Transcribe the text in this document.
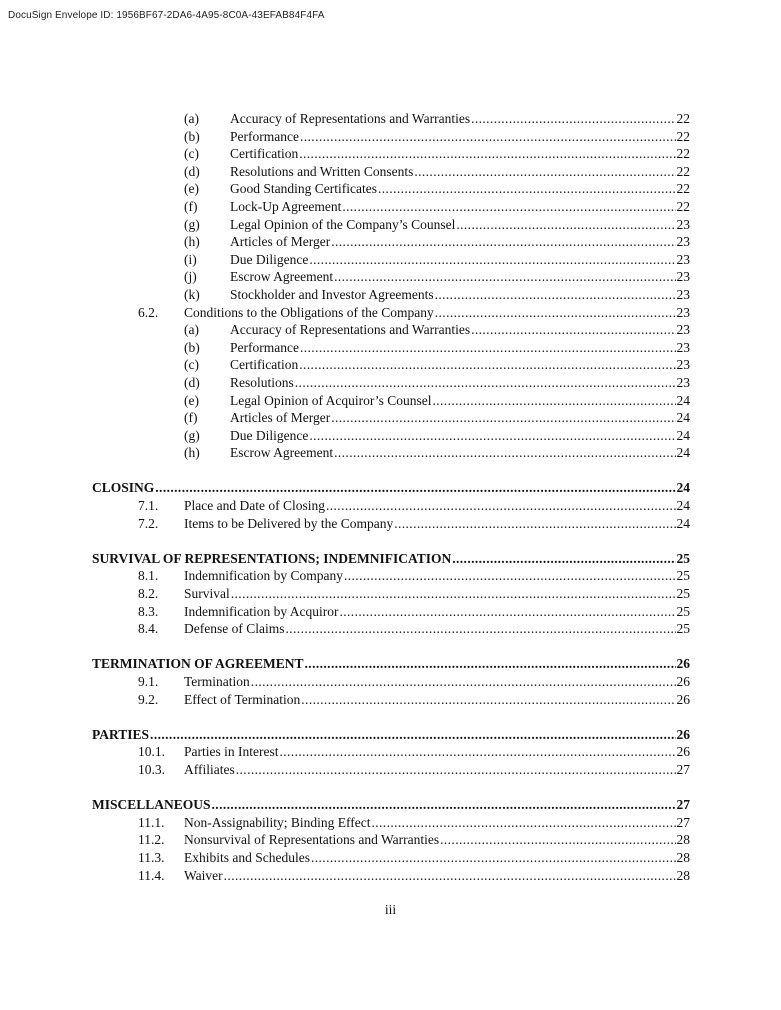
DocuSign Envelope ID: 1956BF67-2DA6-4A95-8C0A-43EFAB84F4FA
(a) Accuracy of Representations and Warranties .....	22
(b) Performance .....	22
(c) Certification .....	22
(d) Resolutions and Written Consents .....	22
(e) Good Standing Certificates .....	22
(f) Lock-Up Agreement .....	22
(g) Legal Opinion of the Company’s Counsel .....	23
(h) Articles of Merger .....	23
(i) Due Diligence .....	23
(j) Escrow Agreement .....	23
(k) Stockholder and Investor Agreements .....	23
6.2. Conditions to the Obligations of the Company .....	23
(a) Accuracy of Representations and Warranties .....	23
(b) Performance .....	23
(c) Certification .....	23
(d) Resolutions .....	23
(e) Legal Opinion of Acquiror’s Counsel .....	24
(f) Articles of Merger .....	24
(g) Due Diligence .....	24
(h) Escrow Agreement .....	24
CLOSING .....	24
7.1. Place and Date of Closing .....	24
7.2. Items to be Delivered by the Company .....	24
SURVIVAL OF REPRESENTATIONS; INDEMNIFICATION .....	25
8.1. Indemnification by Company .....	25
8.2. Survival .....	25
8.3. Indemnification by Acquiror .....	25
8.4. Defense of Claims .....	25
TERMINATION OF AGREEMENT .....	26
9.1. Termination .....	26
9.2. Effect of Termination .....	26
PARTIES .....	26
10.1. Parties in Interest .....	26
10.3. Affiliates .....	27
MISCELLANEOUS .....	27
11.1. Non-Assignability; Binding Effect .....	27
11.2. Nonsurvival of Representations and Warranties .....	28
11.3. Exhibits and Schedules .....	28
11.4. Waiver .....	28
iii
